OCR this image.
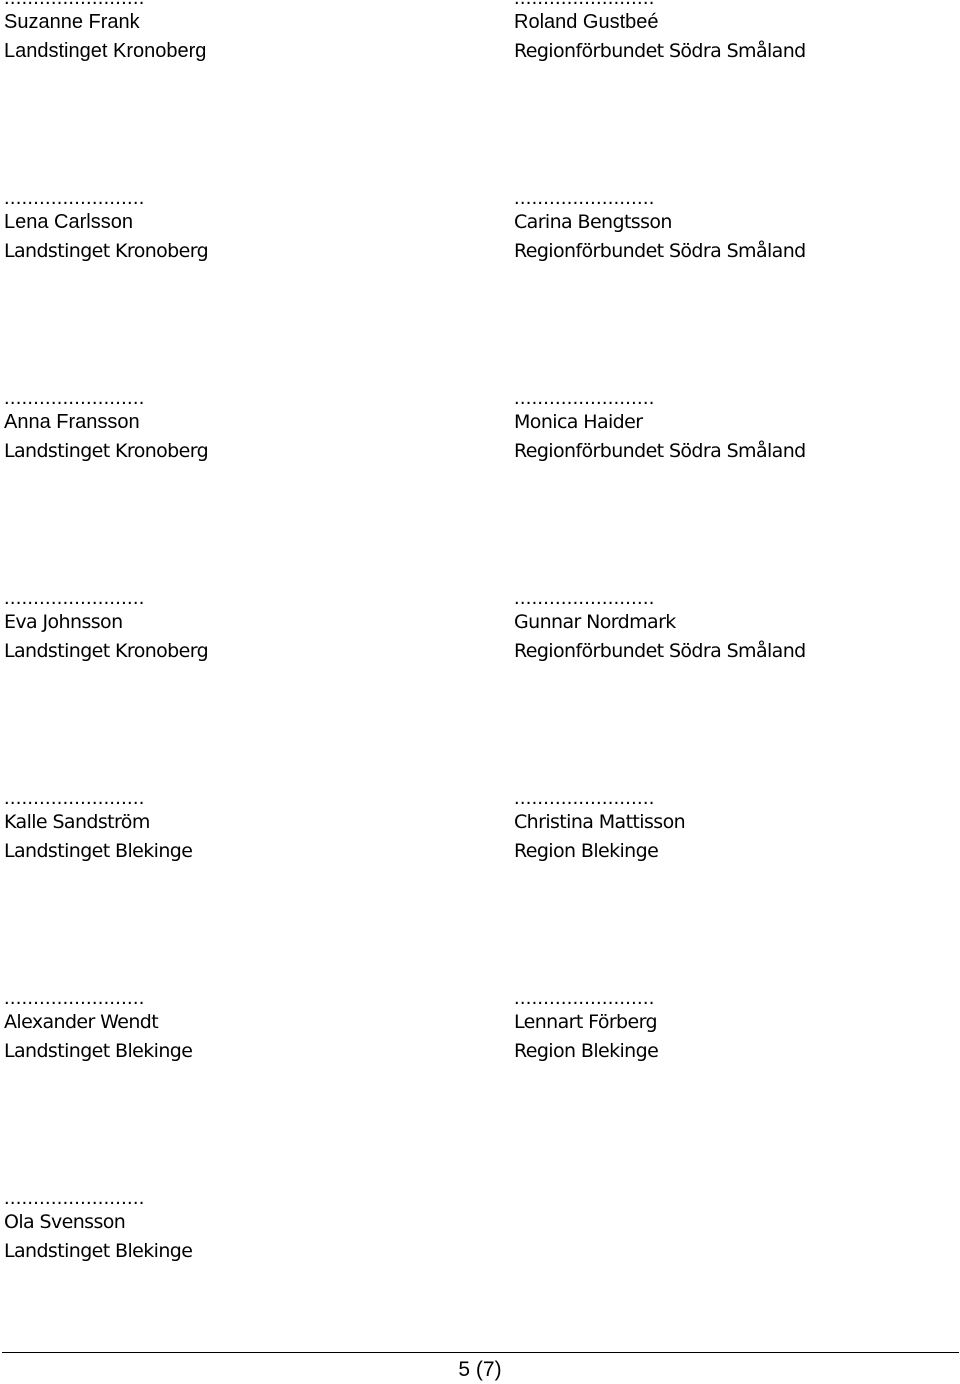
Suzanne Frank
Landstinget Kronoberg
Roland Gustbeé
Regionförbundet Södra Småland
........................
Lena Carlsson
Landstinget Kronoberg
........................
Carina Bengtsson
Regionförbundet Södra Småland
........................
Anna Fransson
Landstinget Kronoberg
........................
Monica Haider
Regionförbundet Södra Småland
........................
Eva Johnsson
Landstinget Kronoberg
........................
Gunnar Nordmark
Regionförbundet Södra Småland
........................
Kalle Sandström
Landstinget Blekinge
........................
Christina Mattisson
Region Blekinge
........................
Alexander Wendt
Landstinget Blekinge
........................
Lennart Förberg
Region Blekinge
........................
Ola Svensson
Landstinget Blekinge
5 (7)
